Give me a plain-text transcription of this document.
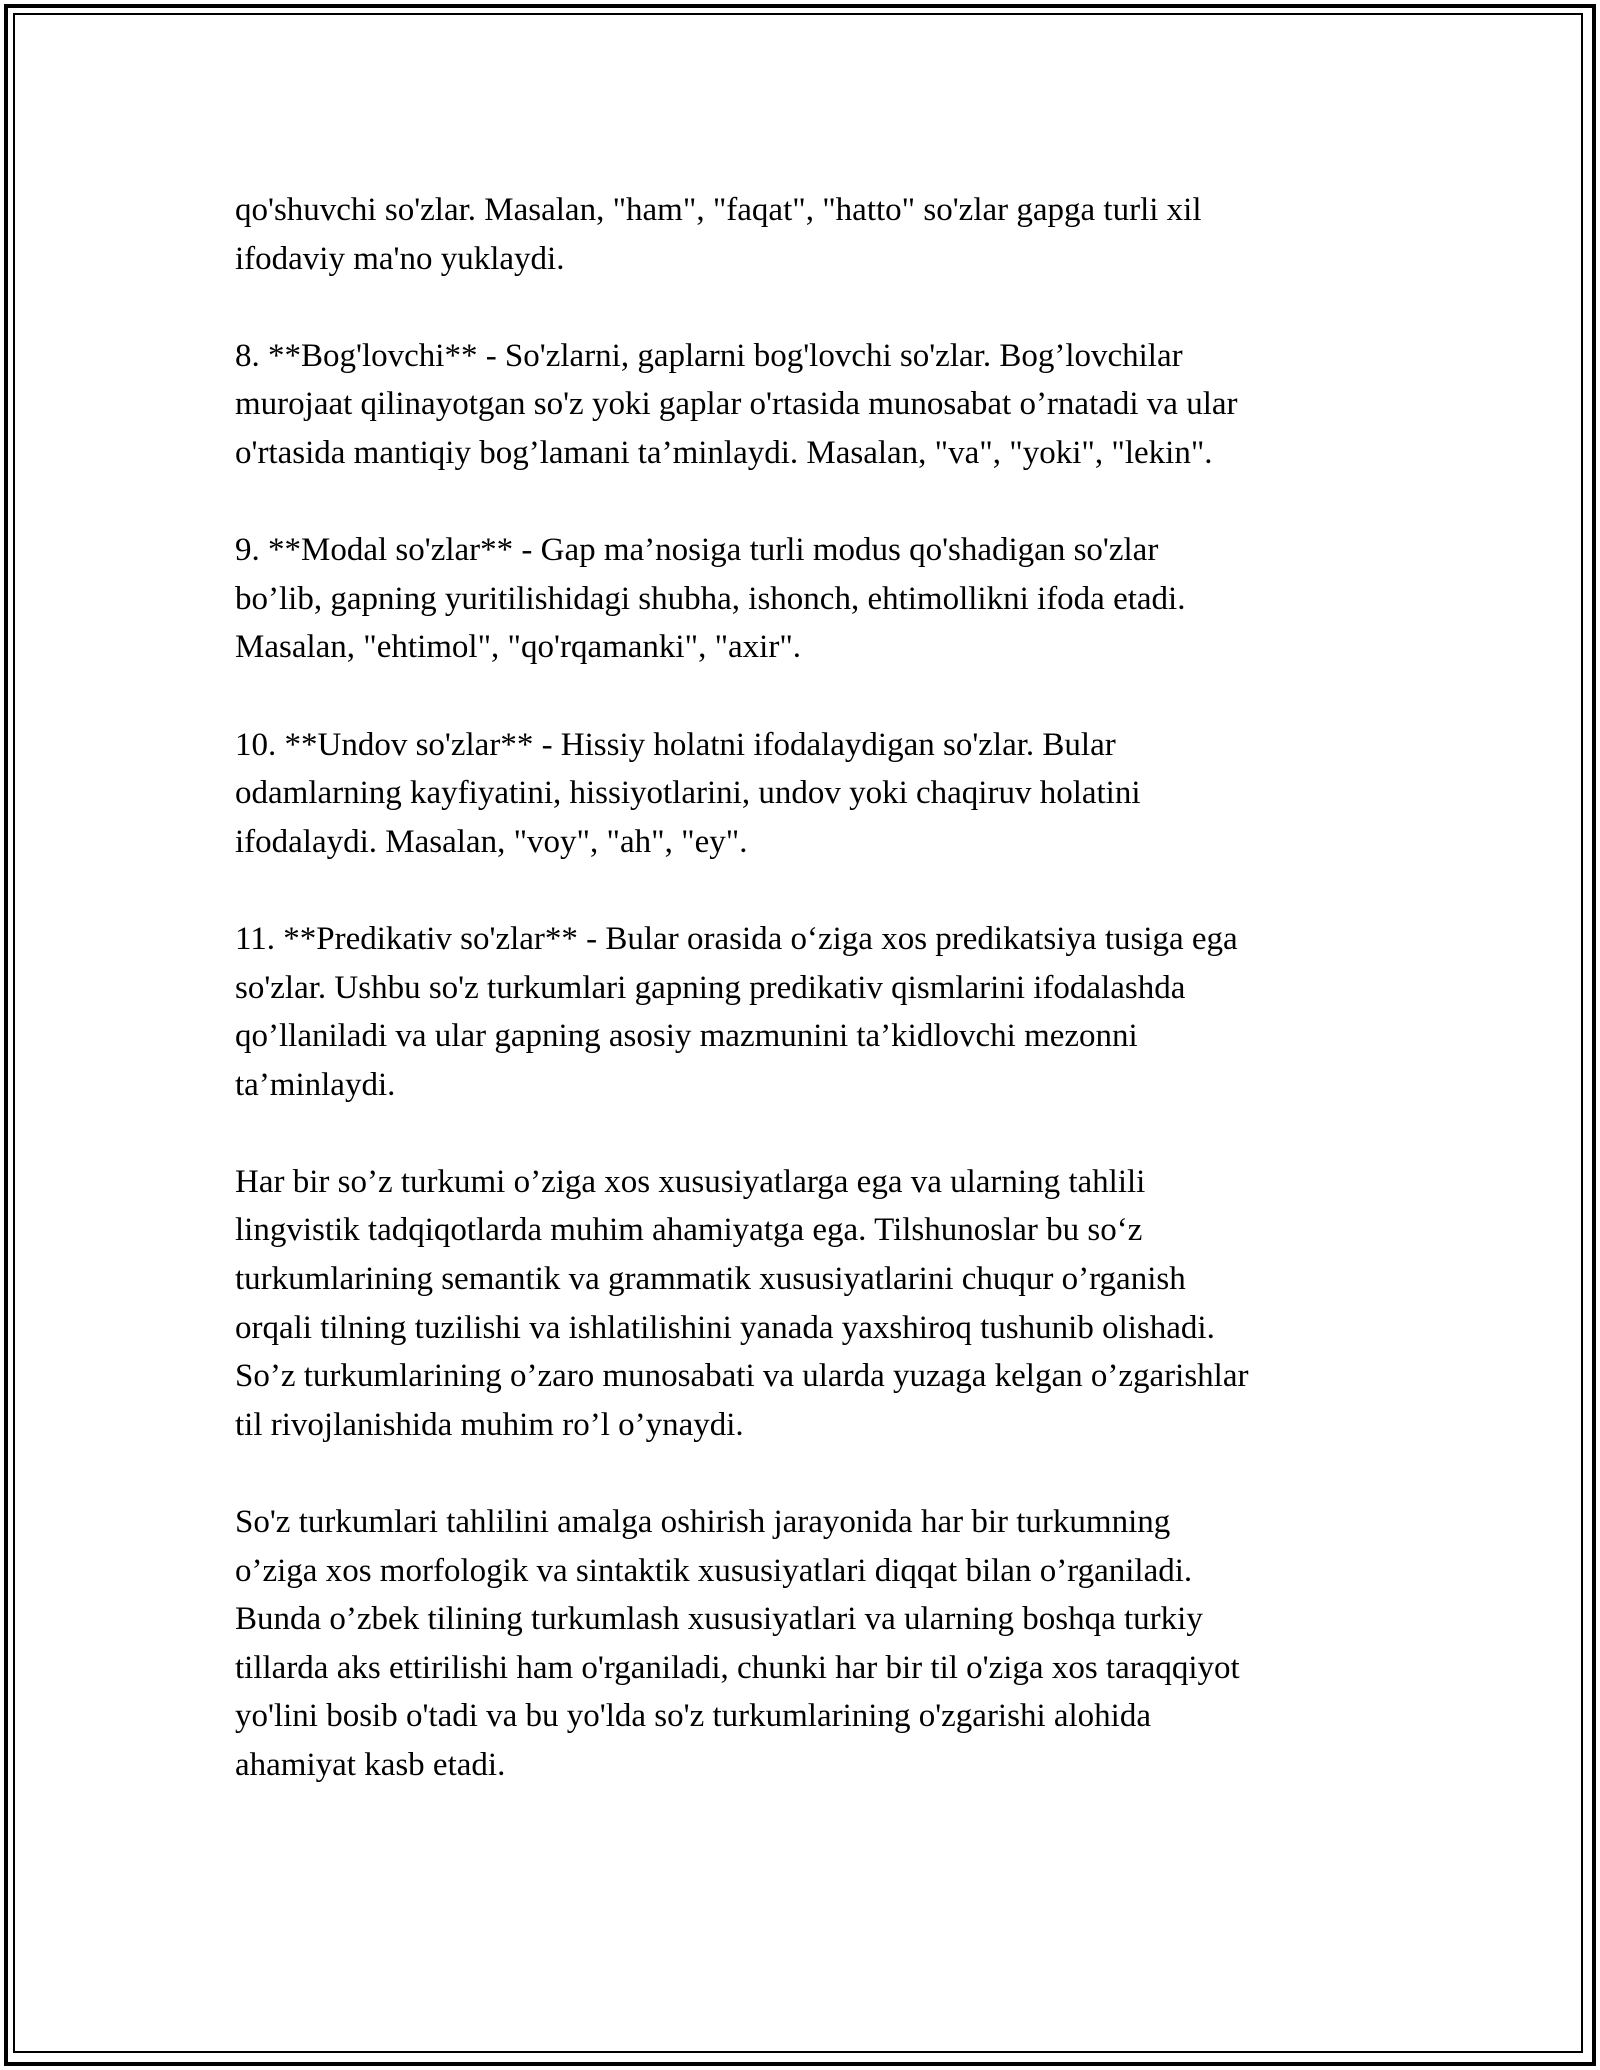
qo'shuvchi so'zlar. Masalan, "ham", "faqat", "hatto" so'zlar gapga turli xil
ifodaviy ma'no yuklaydi.

8. **Bog'lovchi** - So'zlarni, gaplarni bog'lovchi so'zlar. Bog’lovchilar
murojaat qilinayotgan so'z yoki gaplar o'rtasida munosabat o’rnatadi va ular
o'rtasida mantiqiy bog’lamani ta’minlaydi. Masalan, "va", "yoki", "lekin".

9. **Modal so'zlar** - Gap ma’nosiga turli modus qo'shadigan so'zlar
bo’lib, gapning yuritilishidagi shubha, ishonch, ehtimollikni ifoda etadi.
Masalan, "ehtimol", "qo'rqamanki", "axir".

10. **Undov so'zlar** - Hissiy holatni ifodalaydigan so'zlar. Bular
odamlarning kayfiyatini, hissiyotlarini, undov yoki chaqiruv holatini
ifodalaydi. Masalan, "voy", "ah", "ey".

11. **Predikativ so'zlar** - Bular orasida o‘ziga xos predikatsiya tusiga ega
so'zlar. Ushbu so'z turkumlari gapning predikativ qismlarini ifodalashda
qo’llaniladi va ular gapning asosiy mazmunini ta’kidlovchi mezonni
ta’minlaydi.

Har bir so’z turkumi o’ziga xos xususiyatlarga ega va ularning tahlili
lingvistik tadqiqotlarda muhim ahamiyatga ega. Tilshunoslar bu so‘z
turkumlarining semantik va grammatik xususiyatlarini chuqur o’rganish
orqali tilning tuzilishi va ishlatilishini yanada yaxshiroq tushunib olishadi.
So’z turkumlarining o’zaro munosabati va ularda yuzaga kelgan o’zgarishlar
til rivojlanishida muhim ro’l o’ynaydi.

So'z turkumlari tahlilini amalga oshirish jarayonida har bir turkumning
o’ziga xos morfologik va sintaktik xususiyatlari diqqat bilan o’rganiladi.
Bunda o’zbek tilining turkumlash xususiyatlari va ularning boshqa turkiy
tillarda aks ettirilishi ham o'rganiladi, chunki har bir til o'ziga xos taraqqiyot
yo'lini bosib o'tadi va bu yo'lda so'z turkumlarining o'zgarishi alohida
ahamiyat kasb etadi.
